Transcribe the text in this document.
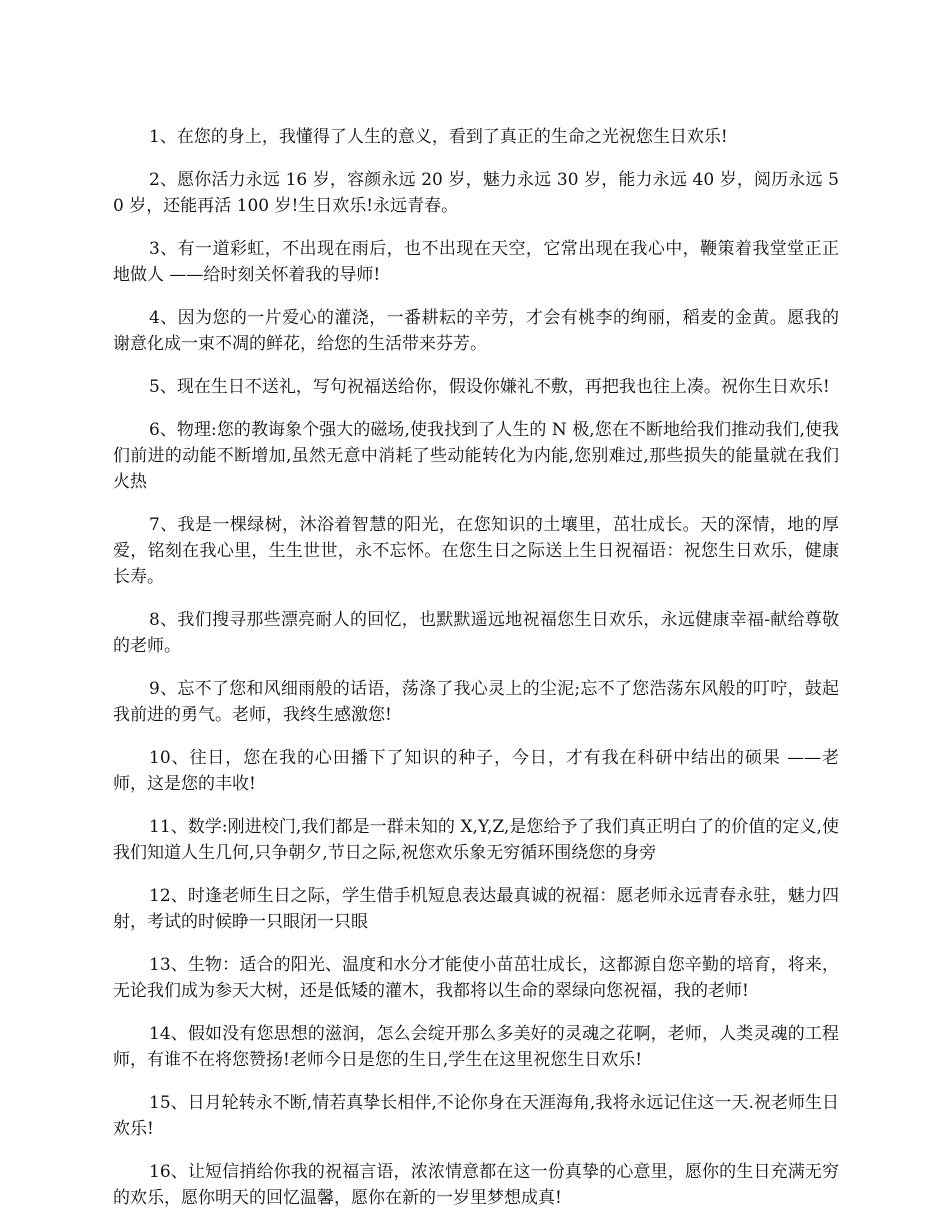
1、在您的身上，我懂得了人生的意义，看到了真正的生命之光祝您生日欢乐!

2、愿你活力永远 16 岁，容颜永远 20 岁，魅力永远 30 岁，能力永远 40 岁，阅历永远 50 岁，还能再活 100 岁!生日欢乐!永远青春。

3、有一道彩虹，不出现在雨后，也不出现在天空，它常出现在我心中，鞭策着我堂堂正正地做人 ——给时刻关怀着我的导师!

4、因为您的一片爱心的灌浇，一番耕耘的辛劳，才会有桃李的绚丽，稻麦的金黄。愿我的谢意化成一束不凋的鲜花，给您的生活带来芬芳。

5、现在生日不送礼，写句祝福送给你，假设你嫌礼不敷，再把我也往上凑。祝你生日欢乐!

6、物理:您的教诲象个强大的磁场,使我找到了人生的 N 极,您在不断地给我们推动我们,使我们前进的动能不断增加,虽然无意中消耗了些动能转化为内能,您别难过,那些损失的能量就在我们火热

7、我是一棵绿树，沐浴着智慧的阳光，在您知识的土壤里，茁壮成长。天的深情，地的厚爱，铭刻在我心里，生生世世，永不忘怀。在您生日之际送上生日祝福语：祝您生日欢乐，健康长寿。

8、我们搜寻那些漂亮耐人的回忆，也默默遥远地祝福您生日欢乐，永远健康幸福-献给尊敬的老师。

9、忘不了您和风细雨般的话语，荡涤了我心灵上的尘泥;忘不了您浩荡东风般的叮咛，鼓起我前进的勇气。老师，我终生感激您!

10、往日，您在我的心田播下了知识的种子，今日，才有我在科研中结出的硕果 ——老师，这是您的丰收!

11、数学:刚进校门,我们都是一群未知的 X,Y,Z,是您给予了我们真正明白了的价值的定义,使我们知道人生几何,只争朝夕,节日之际,祝您欢乐象无穷循环围绕您的身旁

12、时逢老师生日之际，学生借手机短息表达最真诚的祝福：愿老师永远青春永驻，魅力四射，考试的时候睁一只眼闭一只眼

13、生物：适合的阳光、温度和水分才能使小苗茁壮成长，这都源自您辛勤的培育，将来，无论我们成为参天大树，还是低矮的灌木，我都将以生命的翠绿向您祝福，我的老师!

14、假如没有您思想的滋润，怎么会绽开那么多美好的灵魂之花啊，老师，人类灵魂的工程师，有谁不在将您赞扬!老师今日是您的生日,学生在这里祝您生日欢乐!

15、日月轮转永不断,情若真挚长相伴,不论你身在天涯海角,我将永远记住这一天.祝老师生日欢乐!

16、让短信捎给你我的祝福言语，浓浓情意都在这一份真挚的心意里，愿你的生日充满无穷的欢乐，愿你明天的回忆温馨，愿你在新的一岁里梦想成真!
